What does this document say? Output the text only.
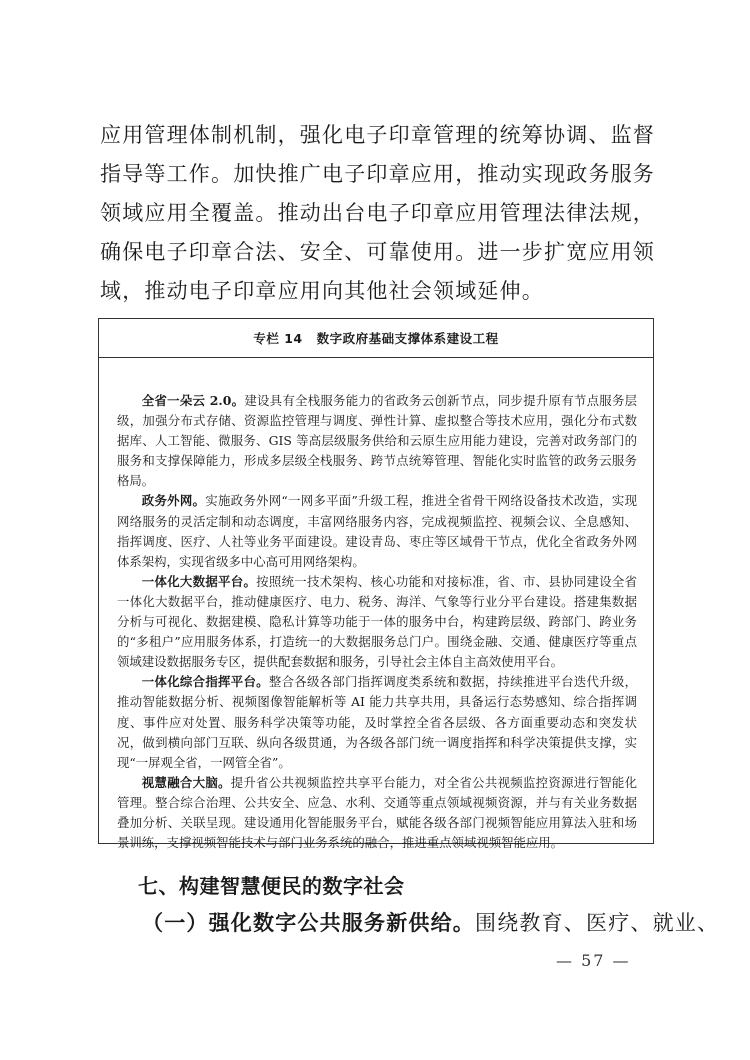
应用管理体制机制，强化电子印章管理的统筹协调、监督指导等工作。加快推广电子印章应用，推动实现政务服务领域应用全覆盖。推动出台电子印章应用管理法律法规，确保电子印章合法、安全、可靠使用。进一步扩宽应用领域，推动电子印章应用向其他社会领域延伸。

专栏 14 数字政府基础支撑体系建设工程

全省一朵云 2.0。建设具有全栈服务能力的省政务云创新节点，同步提升原有节点服务层级，加强分布式存储、资源监控管理与调度、弹性计算、虚拟整合等技术应用，强化分布式数据库、人工智能、微服务、GIS 等高层级服务供给和云原生应用能力建设，完善对政务部门的服务和支撑保障能力，形成多层级全栈服务、跨节点统筹管理、智能化实时监管的政务云服务格局。

政务外网。实施政务外网“一网多平面”升级工程，推进全省骨干网络设备技术改造，实现网络服务的灵活定制和动态调度，丰富网络服务内容，完成视频监控、视频会议、全息感知、指挥调度、医疗、人社等业务平面建设。建设青岛、枣庄等区域骨干节点，优化全省政务外网体系架构，实现省级多中心高可用网络架构。

一体化大数据平台。按照统一技术架构、核心功能和对接标准，省、市、县协同建设全省一体化大数据平台，推动健康医疗、电力、税务、海洋、气象等行业分平台建设。搭建集数据分析与可视化、数据建模、隐私计算等功能于一体的服务中台，构建跨层级、跨部门、跨业务的“多租户”应用服务体系，打造统一的大数据服务总门户。围绕金融、交通、健康医疗等重点领域建设数据服务专区，提供配套数据和服务，引导社会主体自主高效使用平台。

一体化综合指挥平台。整合各级各部门指挥调度类系统和数据，持续推进平台迭代升级，推动智能数据分析、视频图像智能解析等 AI 能力共享共用，具备运行态势感知、综合指挥调度、事件应对处置、服务科学决策等功能，及时掌控全省各层级、各方面重要动态和突发状况，做到横向部门互联、纵向各级贯通，为各级各部门统一调度指挥和科学决策提供支撑，实现“一屏观全省，一网管全省”。

视慧融合大脑。提升省公共视频监控共享平台能力，对全省公共视频监控资源进行智能化管理。整合综合治理、公共安全、应急、水利、交通等重点领域视频资源，并与有关业务数据叠加分析、关联呈现。建设通用化智能服务平台，赋能各级各部门视频智能应用算法入驻和场景训练，支撑视频智能技术与部门业务系统的融合，推进重点领域视频智能应用。

七、构建智慧便民的数字社会

（一）强化数字公共服务新供给。围绕教育、医疗、就业、

— 57 —
